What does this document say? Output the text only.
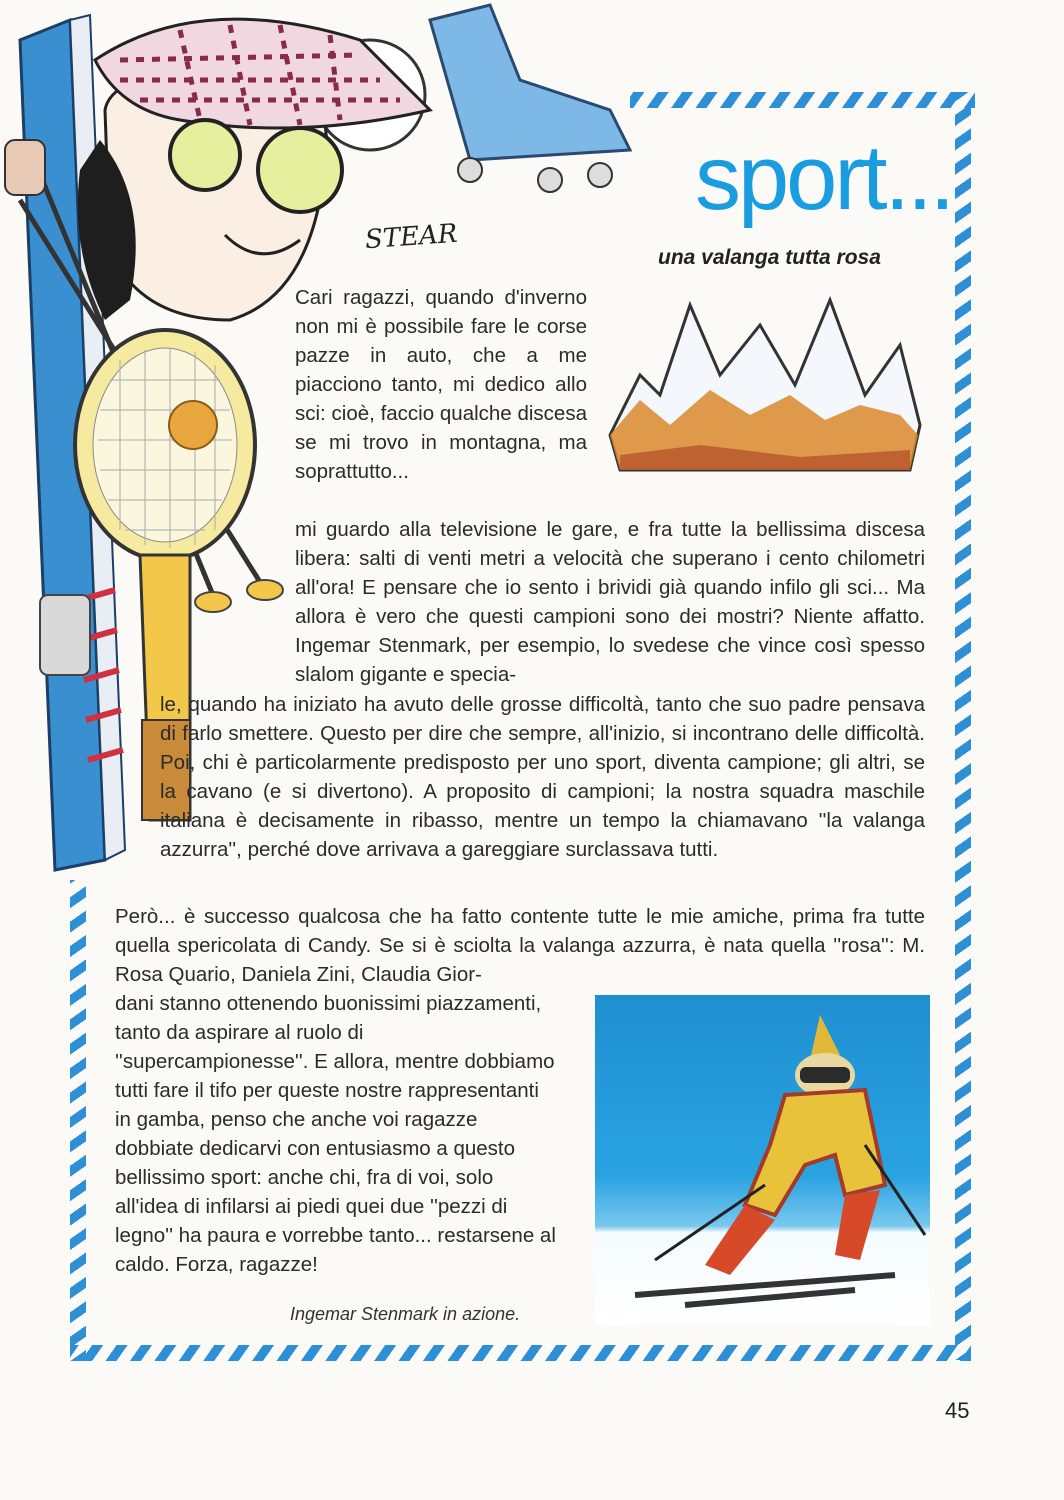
sport...
una valanga tutta rosa
STEAR

Cari ragazzi, quando d'inverno non mi è possibile fare le corse pazze in auto, che a me piacciono tanto, mi dedico allo sci: cioè, faccio qualche discesa se mi trovo in montagna, ma soprattutto...

mi guardo alla televisione le gare, e fra tutte la bellissima discesa libera: salti di venti metri a velocità che superano i cento chilometri all'ora! E pensare che io sento i brividi già quando infilo gli sci... Ma allora è vero che questi campioni sono dei mostri? Niente affatto. Ingemar Stenmark, per esempio, lo svedese che vince così spesso slalom gigante e specia-

le, quando ha iniziato ha avuto delle grosse difficoltà, tanto che suo padre pensava di farlo smettere. Questo per dire che sempre, all'inizio, si incontrano delle difficoltà. Poi, chi è particolarmente predisposto per uno sport, diventa campione; gli altri, se la cavano (e si divertono). A proposito di campioni; la nostra squadra maschile italiana è decisamente in ribasso, mentre un tempo la chiamavano ''la valanga azzurra'', perché dove arrivava a gareggiare surclassava tutti.

Però... è successo qualcosa che ha fatto contente tutte le mie amiche, prima fra tutte quella spericolata di Candy. Se si è sciolta la valanga azzurra, è nata quella ''rosa'': M. Rosa Quario, Daniela Zini, Claudia Gior-

dani stanno ottenendo buonissimi piazzamenti, tanto da aspirare al ruolo di ''supercampionesse''. E allora, mentre dobbiamo tutti fare il tifo per queste nostre rappresentanti in gamba, penso che anche voi ragazze dobbiate dedicarvi con entusiasmo a questo bellissimo sport: anche chi, fra di voi, solo all'idea di infilarsi ai piedi quei due ''pezzi di legno'' ha paura e vorrebbe tanto... restarsene al caldo. Forza, ragazze!

Ingemar Stenmark in azione.
45
